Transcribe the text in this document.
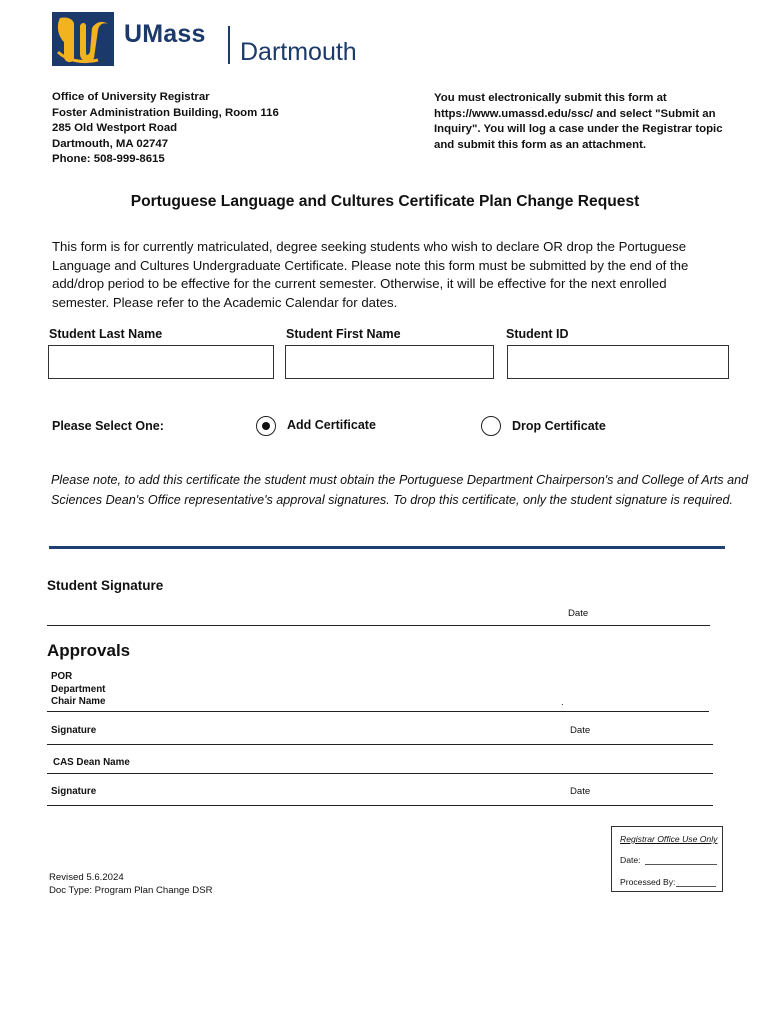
UMass
Dartmouth
Office of University Registrar
Foster Administration Building, Room 116
285 Old Westport Road
Dartmouth, MA 02747
Phone: 508-999-8615
You must electronically submit this form at https://www.umassd.edu/ssc/ and select "Submit an Inquiry". You will log a case under the Registrar topic and submit this form as an attachment.
Portuguese Language and Cultures Certificate Plan Change Request
This form is for currently matriculated, degree seeking students who wish to declare OR drop the Portuguese Language and Cultures Undergraduate Certificate. Please note this form must be submitted by the end of the add/drop period to be effective for the current semester. Otherwise, it will be effective for the next enrolled semester. Please refer to the Academic Calendar for dates.
Student Last Name	Student First Name	Student ID
Please Select One:	Add Certificate	Drop Certificate
Please note, to add this certificate the student must obtain the Portuguese Department Chairperson's and College of Arts and Sciences Dean's Office representative's approval signatures. To drop this certificate, only the student signature is required.
Student Signature
Date
Approvals
POR
Department
Chair Name	.
Signature	Date
CAS Dean Name
Signature	Date
Registrar Office Use Only
Date:
Processed By:
Revised 5.6.2024
Doc Type: Program Plan Change DSR
